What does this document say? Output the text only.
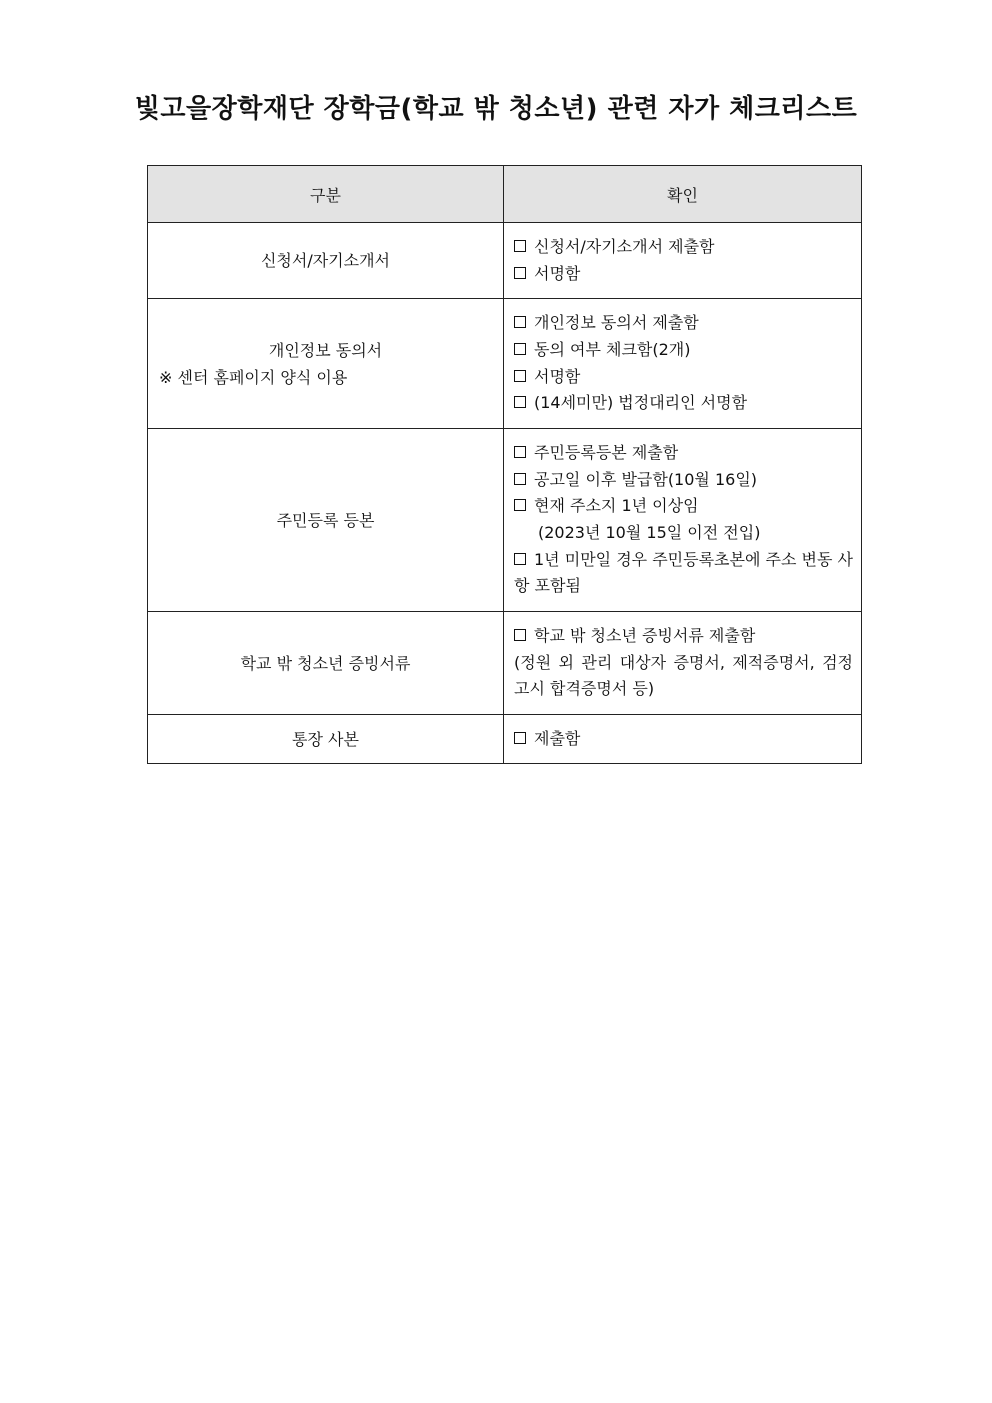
빛고을장학재단 장학금(학교 밖 청소년) 관련 자가 체크리스트
구분	확인
신청서/자기소개서	신청서/자기소개서 제출함
서명함

개인정보 동의서
※ 센터 홈페이지 양식 이용	개인정보 동의서 제출함
동의 여부 체크함(2개)
서명함
(14세미만) 법정대리인 서명함

주민등록 등본	주민등록등본 제출함
공고일 이후 발급함(10월 16일)
현재 주소지 1년 이상임
(2023년 10월 15일 이전 전입)
1년 미만일 경우 주민등록초본에 주소 변동 사항 포함됨

학교 밖 청소년 증빙서류	학교 밖 청소년 증빙서류 제출함
(정원 외 관리 대상자 증명서, 제적증명서, 검정고시 합격증명서 등)

통장 사본	제출함
